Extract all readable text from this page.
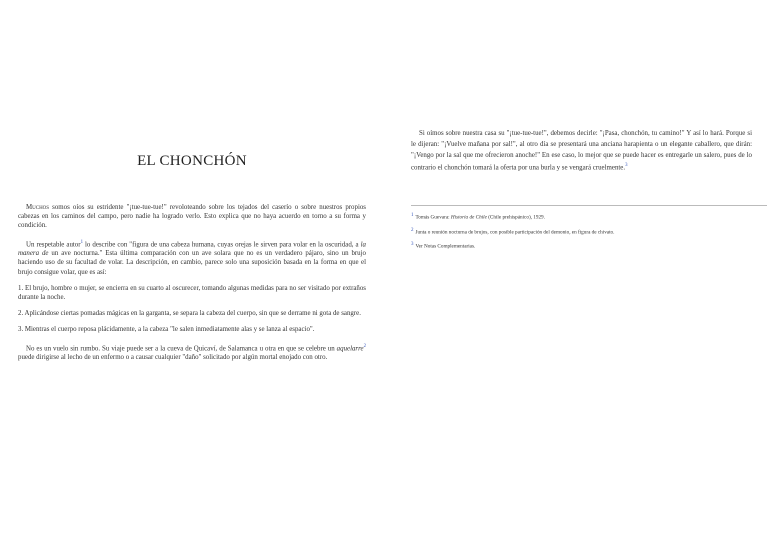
EL CHONCHÓN

Muchos somos oíos su estridente "¡tue-tue-tue!" revoloteando sobre los tejados del caserío o sobre nuestros propios cabezas en los caminos del campo, pero nadie ha logrado verlo. Esto explica que no haya acuerdo en torno a su forma y condición.

Un respetable autor$^1$ lo describe con "figura de una cabeza humana, cuyas orejas le sirven para volar en la oscuridad, a la manera de un ave nocturna." Esta última comparación con un ave solara que no es un verdadero pájaro, sino un brujo haciendo uso de su facultad de volar. La descripción, en cambio, parece solo una suposición basada en la forma en que el brujo consigue volar, que es así:

1. El brujo, hombre o mujer, se encierra en su cuarto al oscurecer, tomando algunas medidas para no ser visitado por extraños durante la noche.

2. Aplicándose ciertas pomadas mágicas en la garganta, se separa la cabeza del cuerpo, sin que se derrame ni gota de sangre.

3. Mientras el cuerpo reposa plácidamente, a la cabeza "le salen inmediatamente alas y se lanza al espacio".

No es un vuelo sin rumbo. Su viaje puede ser a la cueva de Quicaví, de Salamanca u otra en que se celebre un aquelarre$^2$ puede dirigirse al lecho de un enfermo o a causar cualquier "daño" solicitado por algún mortal enojado con otro.

Si oímos sobre nuestra casa su "¡tue-tue-tue!", debemos decirle: "¡Pasa, chonchón, tu camino!" Y así lo hará. Porque si le dijeran: "¡Vuelve mañana por sal!", al otro día se presentará una anciana harapienta o un elegante caballero, que dirán: "¡Vengo por la sal que me ofrecieron anoche!" En ese caso, lo mejor que se puede hacer es entregarle un salero, pues de lo contrario el chonchón tomará la oferta por una burla y se vengará cruelmente.$^3$

1 Tomás Guevara: Historia de Chile (Chile prehispánico), 1929.
2 Junta o reunión nocturna de brujos, con posible participación del demonio, en figura de chivato.
3 Ver Notas Complementarias.
